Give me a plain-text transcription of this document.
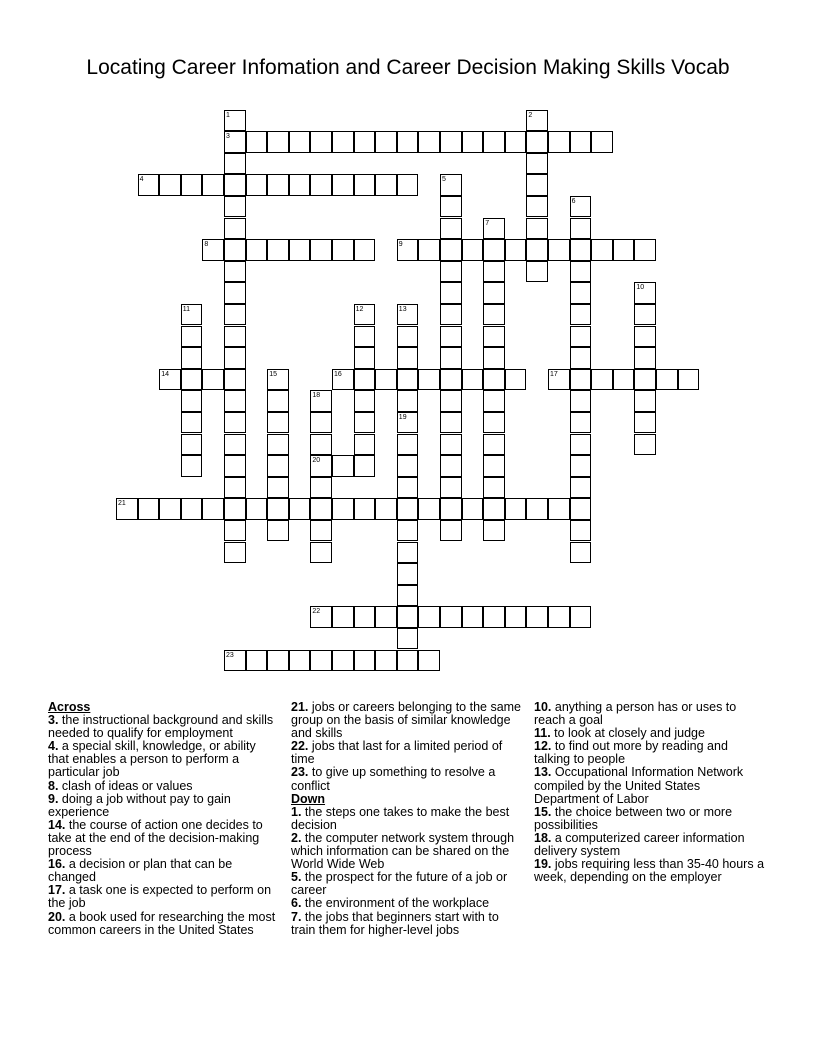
Locating Career Infomation and Career Decision Making Skills Vocab
1	2
3
4	5
6
7
8	9
10
11	12	13
14	15	16	17
18
19
20
21
22
23
Across
3. the instructional background and skills needed to qualify for employment
4. a special skill, knowledge, or ability that enables a person to perform a particular job
8. clash of ideas or values
9. doing a job without pay to gain experience
14. the course of action one decides to take at the end of the decision-making process
16. a decision or plan that can be changed
17. a task one is expected to perform on the job
20. a book used for researching the most common careers in the United States
21. jobs or careers belonging to the same group on the basis of similar knowledge and skills
22. jobs that last for a limited period of time
23. to give up something to resolve a conflict
Down
1. the steps one takes to make the best decision
2. the computer network system through which information can be shared on the World Wide Web
5. the prospect for the future of a job or career
6. the environment of the workplace
7. the jobs that beginners start with to train them for higher-level jobs
10. anything a person has or uses to reach a goal
11. to look at closely and judge
12. to find out more by reading and talking to people
13. Occupational Information Network compiled by the United States Department of Labor
15. the choice between two or more possibilities
18. a computerized career information delivery system
19. jobs requiring less than 35-40 hours a week, depending on the employer
